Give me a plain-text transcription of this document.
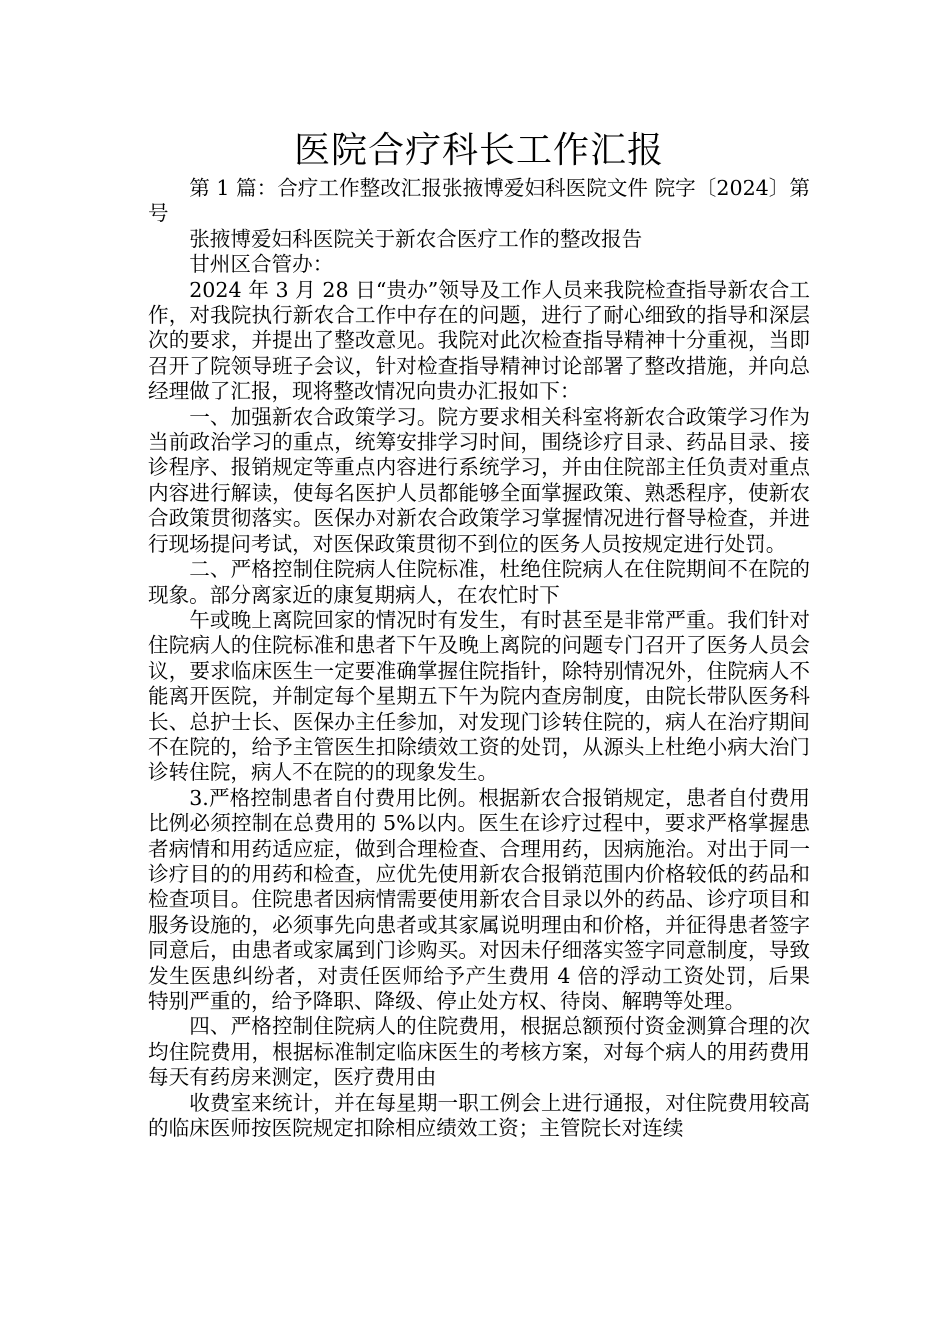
医院合疗科长工作汇报

第 1 篇：合疗工作整改汇报张掖博爱妇科医院文件 院字〔2024〕第号

张掖博爱妇科医院关于新农合医疗工作的整改报告

甘州区合管办：

2024 年 3 月 28 日“贵办”领导及工作人员来我院检查指导新农合工作，对我院执行新农合工作中存在的问题，进行了耐心细致的指导和深层次的要求，并提出了整改意见。我院对此次检查指导精神十分重视，当即召开了院领导班子会议，针对检查指导精神讨论部署了整改措施，并向总经理做了汇报，现将整改情况向贵办汇报如下：

一、加强新农合政策学习。院方要求相关科室将新农合政策学习作为当前政治学习的重点，统筹安排学习时间，围绕诊疗目录、药品目录、接诊程序、报销规定等重点内容进行系统学习，并由住院部主任负责对重点内容进行解读，使每名医护人员都能够全面掌握政策、熟悉程序，使新农合政策贯彻落实。医保办对新农合政策学习掌握情况进行督导检查，并进行现场提问考试，对医保政策贯彻不到位的医务人员按规定进行处罚。

二、严格控制住院病人住院标准，杜绝住院病人在住院期间不在院的现象。部分离家近的康复期病人，在农忙时下

午或晚上离院回家的情况时有发生，有时甚至是非常严重。我们针对住院病人的住院标准和患者下午及晚上离院的问题专门召开了医务人员会议，要求临床医生一定要准确掌握住院指针，除特别情况外，住院病人不能离开医院，并制定每个星期五下午为院内查房制度，由院长带队医务科长、总护士长、医保办主任参加，对发现门诊转住院的，病人在治疗期间不在院的，给予主管医生扣除绩效工资的处罚，从源头上杜绝小病大治门诊转住院，病人不在院的的现象发生。

3.严格控制患者自付费用比例。根据新农合报销规定，患者自付费用比例必须控制在总费用的 5%以内。医生在诊疗过程中，要求严格掌握患者病情和用药适应症，做到合理检查、合理用药，因病施治。对出于同一诊疗目的的用药和检查，应优先使用新农合报销范围内价格较低的药品和检查项目。住院患者因病情需要使用新农合目录以外的药品、诊疗项目和服务设施的，必须事先向患者或其家属说明理由和价格，并征得患者签字同意后，由患者或家属到门诊购买。对因未仔细落实签字同意制度，导致发生医患纠纷者，对责任医师给予产生费用 4 倍的浮动工资处罚，后果特别严重的，给予降职、降级、停止处方权、待岗、解聘等处理。

四、严格控制住院病人的住院费用，根据总额预付资金测算合理的次均住院费用，根据标准制定临床医生的考核方案，对每个病人的用药费用每天有药房来测定，医疗费用由

收费室来统计，并在每星期一职工例会上进行通报，对住院费用较高的临床医师按医院规定扣除相应绩效工资；主管院长对连续
